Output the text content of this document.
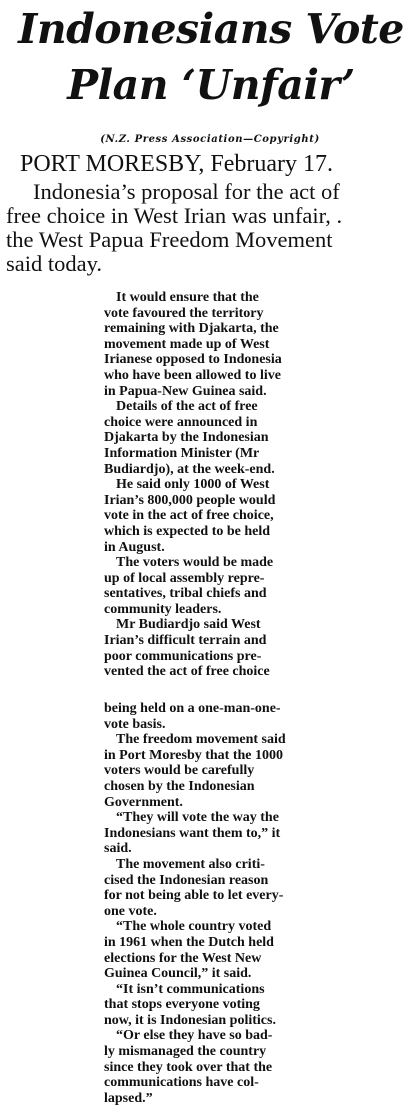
Indonesians Vote
Plan ‘Unfair’
(N.Z. Press Association—Copyright)
PORT MORESBY, February 17.
Indonesia’s proposal for the act of
free choice in West Irian was unfair, .
the West Papua Freedom Movement
said today.
It would ensure that the
vote favoured the territory
remaining with Djakarta, the
movement made up of West
Irianese opposed to Indonesia
who have been allowed to live
in Papua-New Guinea said.
Details of the act of free
choice were announced in
Djakarta by the Indonesian
Information Minister (Mr
Budiardjo), at the week-end.
He said only 1000 of West
Irian’s 800,000 people would
vote in the act of free choice,
which is expected to be held
in August.
The voters would be made
up of local assembly repre-
sentatives, tribal chiefs and
community leaders.
Mr Budiardjo said West
Irian’s difficult terrain and
poor communications pre-
vented the act of free choice
being held on a one-man-one-
vote basis.
The freedom movement said
in Port Moresby that the 1000
voters would be carefully
chosen by the Indonesian
Government.
“They will vote the way the
Indonesians want them to,” it
said.
The movement also criti-
cised the Indonesian reason
for not being able to let every-
one vote.
“The whole country voted
in 1961 when the Dutch held
elections for the West New
Guinea Council,” it said.
“It isn’t communications
that stops everyone voting
now, it is Indonesian politics.
“Or else they have so bad-
ly mismanaged the country
since they took over that the
communications have col-
lapsed.”
